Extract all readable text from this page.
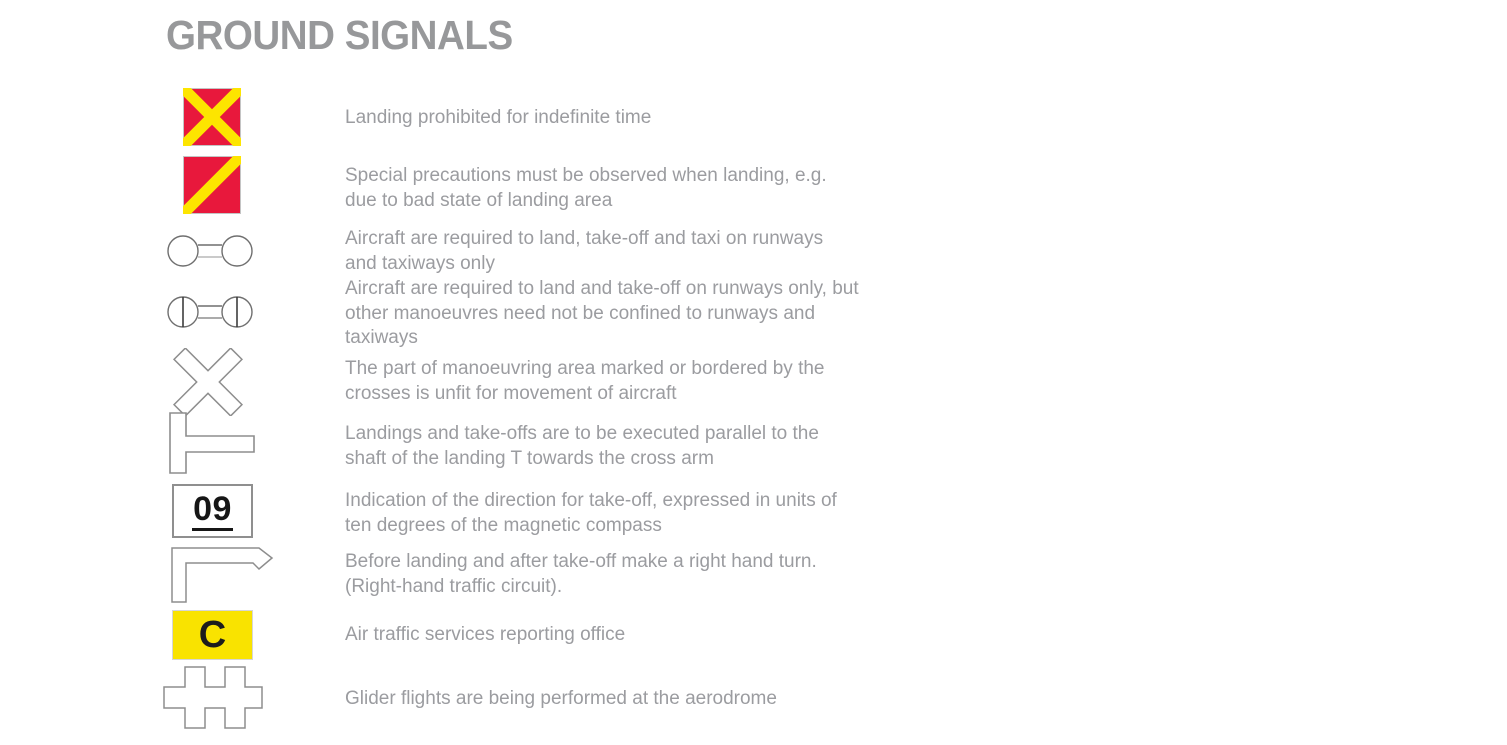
GROUND SIGNALS
Landing prohibited for indefinite time
Special precautions must be observed when landing, e.g. due to bad state of landing area
Aircraft are required to land, take-off and taxi on runways and taxiways only
Aircraft are required to land and take-off on runways only, but other manoeuvres need not be confined to runways and taxiways
The part of manoeuvring area marked or bordered by the crosses is unfit for movement of aircraft
Landings and take-offs are to be executed parallel to the shaft of the landing T towards the cross arm
09	Indication of the direction for take-off, expressed in units of ten degrees of the magnetic compass
Before landing and after take-off make a right hand turn. (Right-hand traffic circuit).
C	Air traffic services reporting office
Glider flights are being performed at the aerodrome
